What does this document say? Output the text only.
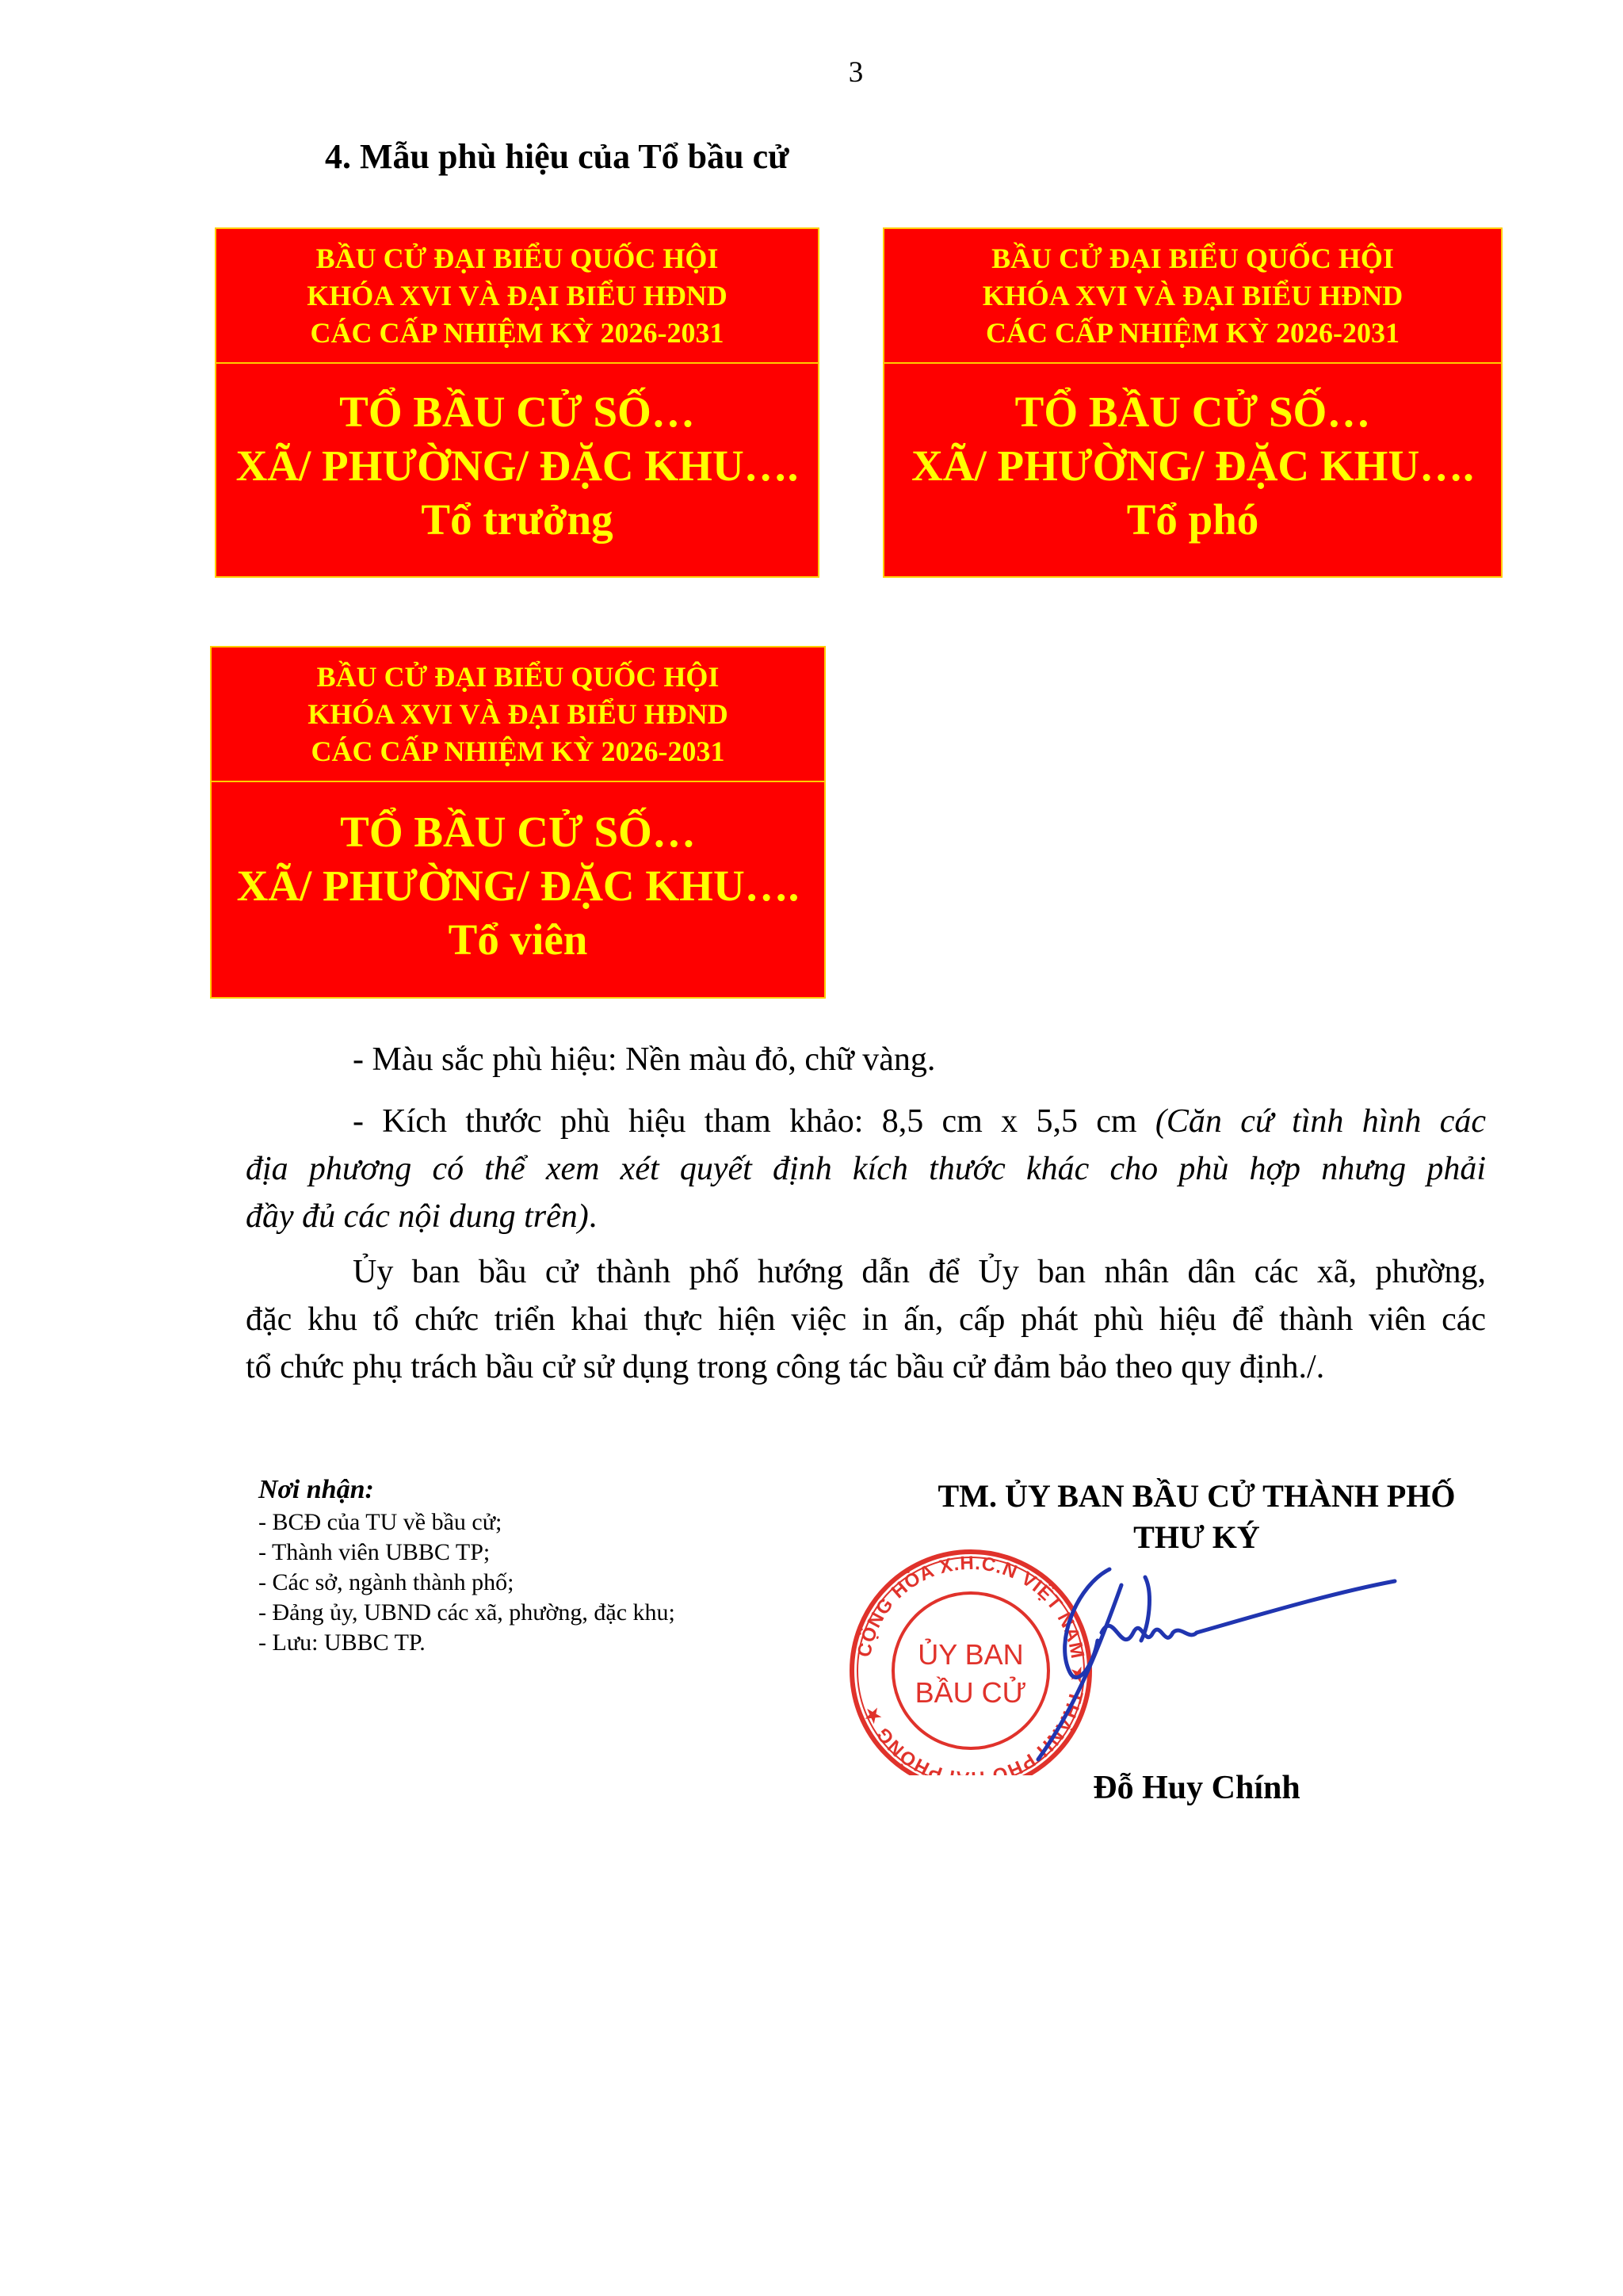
3
4. Mẫu phù hiệu của Tổ bầu cử
BẦU CỬ ĐẠI BIỂU QUỐC HỘI
KHÓA XVI VÀ ĐẠI BIỂU HĐND
CÁC CẤP NHIỆM KỲ 2026-2031
TỔ BẦU CỬ SỐ…
XÃ/ PHƯỜNG/ ĐẶC KHU….
Tổ trưởng
BẦU CỬ ĐẠI BIỂU QUỐC HỘI
KHÓA XVI VÀ ĐẠI BIỂU HĐND
CÁC CẤP NHIỆM KỲ 2026-2031
TỔ BẦU CỬ SỐ…
XÃ/ PHƯỜNG/ ĐẶC KHU….
Tổ phó
BẦU CỬ ĐẠI BIỂU QUỐC HỘI
KHÓA XVI VÀ ĐẠI BIỂU HĐND
CÁC CẤP NHIỆM KỲ 2026-2031
TỔ BẦU CỬ SỐ…
XÃ/ PHƯỜNG/ ĐẶC KHU….
Tổ viên
- Màu sắc phù hiệu: Nền màu đỏ, chữ vàng.
- Kích thước phù hiệu tham khảo: 8,5 cm x 5,5 cm (Căn cứ tình hình các
địa phương có thể xem xét quyết định kích thước khác cho phù hợp nhưng phải
đầy đủ các nội dung trên).
Ủy ban bầu cử thành phố hướng dẫn để Ủy ban nhân dân các xã, phường,
đặc khu tổ chức triển khai thực hiện việc in ấn, cấp phát phù hiệu để thành viên các
tổ chức phụ trách bầu cử sử dụng trong công tác bầu cử đảm bảo theo quy định./.
Nơi nhận:
- BCĐ của TU về bầu cử;
- Thành viên UBBC TP;
- Các sở, ngành thành phố;
- Đảng ủy, UBND các xã, phường, đặc khu;
- Lưu: UBBC TP.
TM. ỦY BAN BẦU CỬ THÀNH PHỐ
THƯ KÝ
CỘNG HÒA X.H.C.N VIỆT NAM ★ THÀNH PHỐ PHÒNG ★
ỦY BAN
BẦU CỬ
Đỗ Huy Chính
